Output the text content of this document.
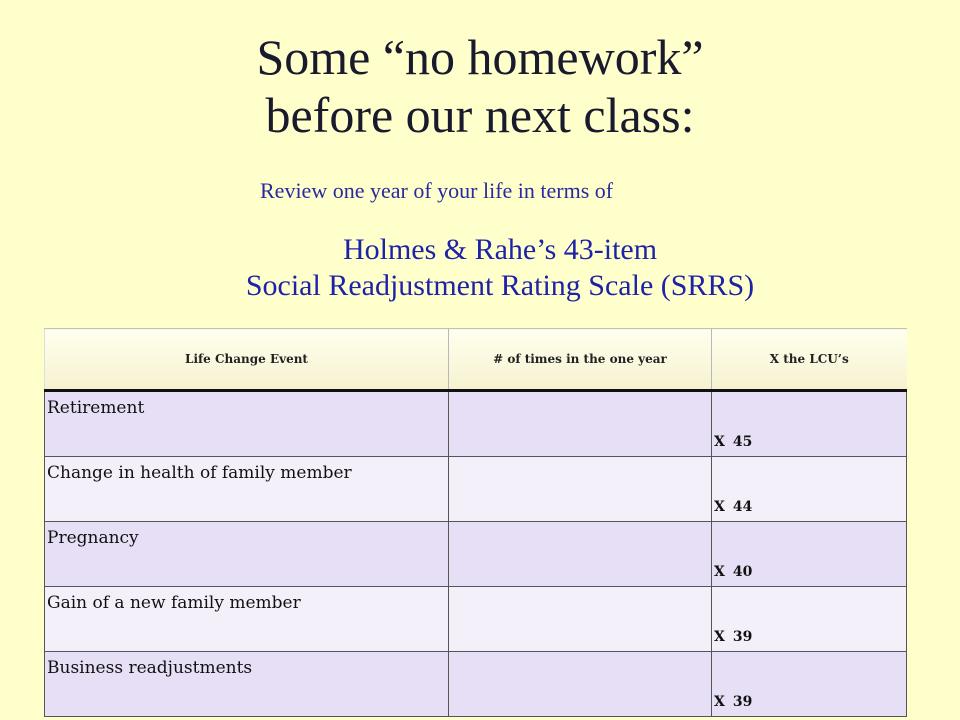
Some “no homework”
before our next class:
Review one year of your life in terms of
Holmes & Rahe’s 43-item
Social Readjustment Rating Scale (SRRS)
Life Change Event	# of times in the one year	X the LCU’s
Retirement		X 45
Change in health of family member		X 44
Pregnancy		X 40
Gain of a new family member		X 39
Business readjustments		X 39
